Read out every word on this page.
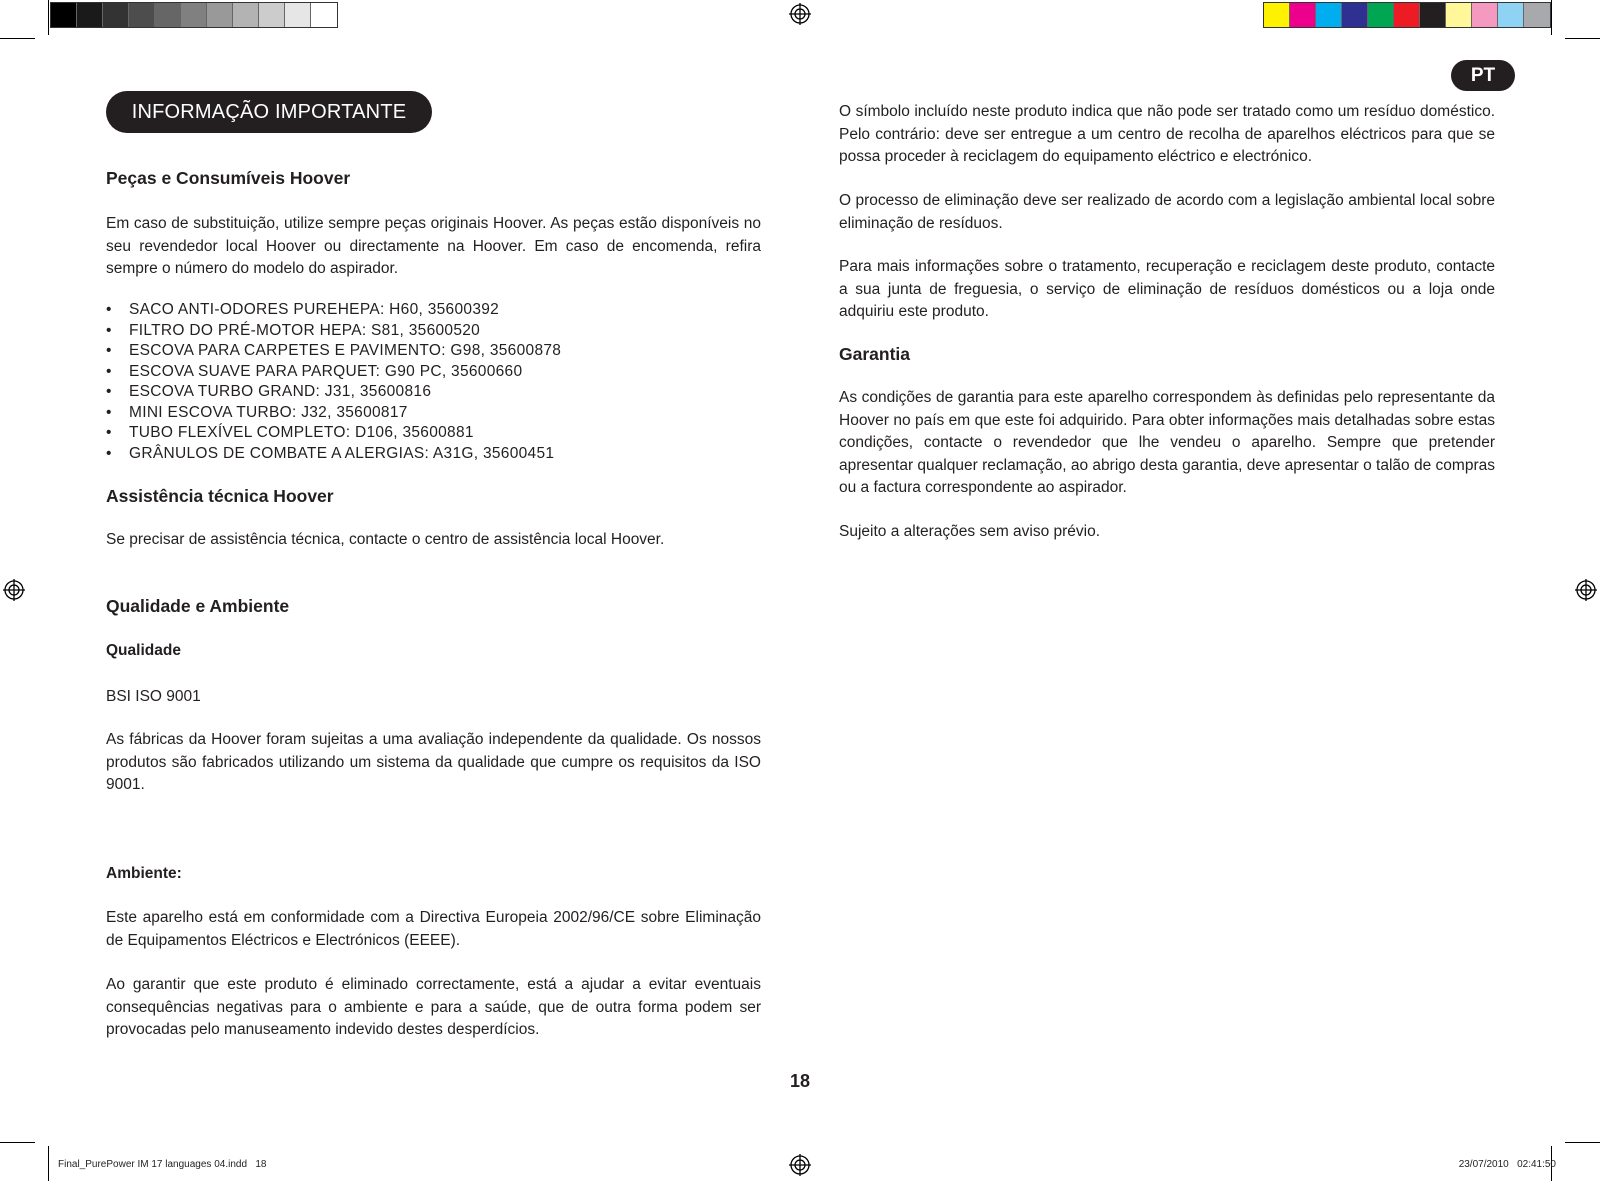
INFORMAÇÃO IMPORTANTE
PT
Peças e Consumíveis Hoover

Em caso de substituição, utilize sempre peças originais Hoover. As peças estão disponíveis no seu revendedor local Hoover ou directamente na Hoover. Em caso de encomenda, refira sempre o número do modelo do aspirador.

•	SACO ANTI-ODORES PUREHEPA: H60, 35600392
•	FILTRO DO PRÉ-MOTOR HEPA: S81, 35600520
•	ESCOVA PARA CARPETES E PAVIMENTO: G98, 35600878
•	ESCOVA SUAVE PARA PARQUET: G90 PC, 35600660
•	ESCOVA TURBO GRAND: J31, 35600816
•	MINI ESCOVA TURBO: J32, 35600817
•	TUBO FLEXÍVEL COMPLETO: D106, 35600881
•	GRÂNULOS DE COMBATE A ALERGIAS: A31G, 35600451
Assistência técnica Hoover

Se precisar de assistência técnica, contacte o centro de assistência local Hoover.

Qualidade e Ambiente
Qualidade

BSI ISO 9001

As fábricas da Hoover foram sujeitas a uma avaliação independente da qualidade. Os nossos produtos são fabricados utilizando um sistema da qualidade que cumpre os requisitos da ISO 9001.

Ambiente:

Este aparelho está em conformidade com a Directiva Europeia 2002/96/CE sobre Eliminação de Equipamentos Eléctricos e Electrónicos (EEEE).

Ao garantir que este produto é eliminado correctamente, está a ajudar a evitar eventuais consequências negativas para o ambiente e para a saúde, que de outra forma podem ser provocadas pelo manuseamento indevido destes desperdícios.

O símbolo incluído neste produto indica que não pode ser tratado como um resíduo doméstico. Pelo contrário: deve ser entregue a um centro de recolha de aparelhos eléctricos para que se possa proceder à reciclagem do equipamento eléctrico e electrónico.

O processo de eliminação deve ser realizado de acordo com a legislação ambiental local sobre eliminação de resíduos.

Para mais informações sobre o tratamento, recuperação e reciclagem deste produto, contacte a sua junta de freguesia, o serviço de eliminação de resíduos domésticos ou a loja onde adquiriu este produto.

Garantia

As condições de garantia para este aparelho correspondem às definidas pelo representante da Hoover no país em que este foi adquirido. Para obter informações mais detalhadas sobre estas condições, contacte o revendedor que lhe vendeu o aparelho. Sempre que pretender apresentar qualquer reclamação, ao abrigo desta garantia, deve apresentar o talão de compras ou a factura correspondente ao aspirador.

Sujeito a alterações sem aviso prévio.

18
Final_PurePower IM 17 languages 04.indd   18	23/07/2010   02:41:50
